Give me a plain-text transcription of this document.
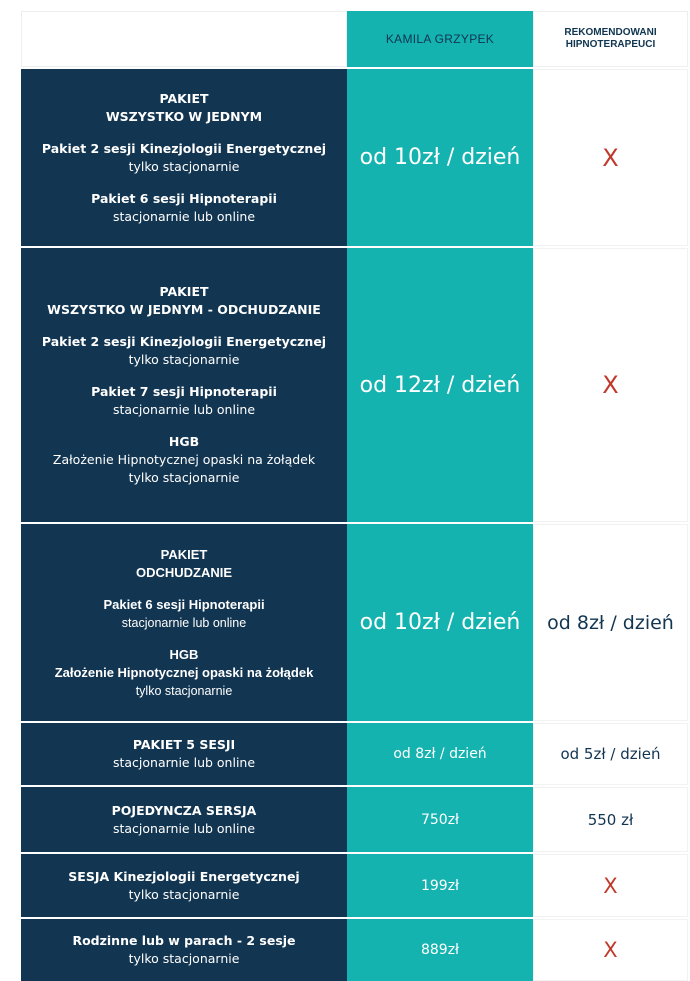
KAMILA GRZYPEK	REKOMENDOWANI
HIPNOTERAPEUCI
PAKIET
WSZYSTKO W JEDNYM
Pakiet 2 sesji Kinezjologii Energetycznej
tylko stacjonarnie
Pakiet 6 sesji Hipnoterapii
stacjonarnie lub online
od 10zł / dzień	X
PAKIET
WSZYSTKO W JEDNYM - ODCHUDZANIE
Pakiet 2 sesji Kinezjologii Energetycznej
tylko stacjonarnie
Pakiet 7 sesji Hipnoterapii
stacjonarnie lub online
HGB
Założenie Hipnotycznej opaski na żołądek
tylko stacjonarnie
od 12zł / dzień	X
PAKIET
ODCHUDZANIE
Pakiet 6 sesji Hipnoterapii
stacjonarnie lub online
HGB
Założenie Hipnotycznej opaski na żołądek
tylko stacjonarnie
od 10zł / dzień	od 8zł / dzień
PAKIET 5 SESJI
stacjonarnie lub online
od 8zł / dzień	od 5zł / dzień
POJEDYNCZA SERSJA
stacjonarnie lub online
750zł	550 zł
SESJA Kinezjologii Energetycznej
tylko stacjonarnie
199zł	X
Rodzinne lub w parach - 2 sesje
tylko stacjonarnie
889zł	X
